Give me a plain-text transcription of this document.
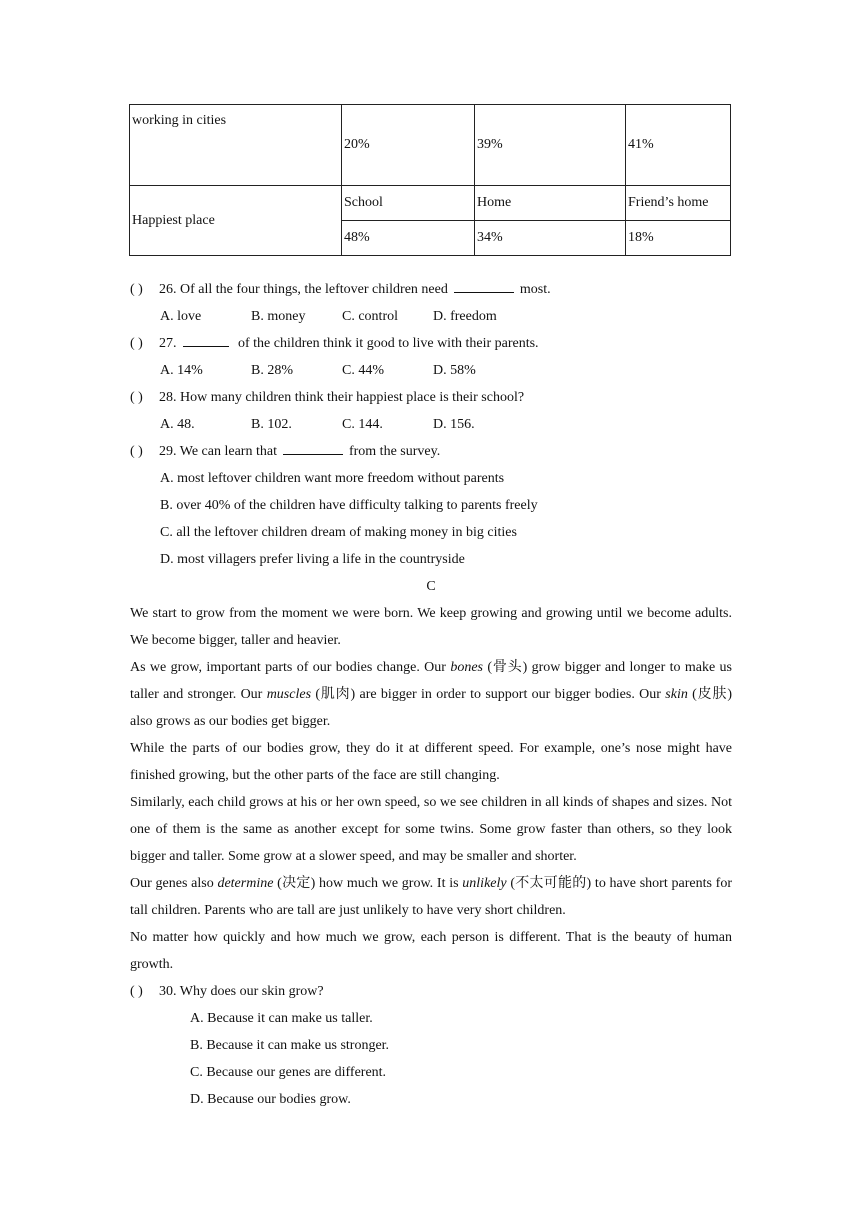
working in cities	20%	39%	41%
Happiest place	School	Home	Friend’s home
	48%	34%	18%
( ) 26. Of all the four things, the leftover children need	most.
A. love	B. money	C. control	D. freedom
( ) 27.	of the children think it good to live with their parents.
A. 14%	B. 28%	C. 44%	D. 58%
( ) 28. How many children think their happiest place is their school?
A. 48.	B. 102.	C. 144.	D. 156.
( ) 29. We can learn that	from the survey.
A. most leftover children want more freedom without parents
B. over 40% of the children have difficulty talking to parents freely
C. all the leftover children dream of making money in big cities
D. most villagers prefer living a life in the countryside
C
We start to grow from the moment we were born. We keep growing and growing until we become adults. We become bigger, taller and heavier.
As we grow, important parts of our bodies change. Our bones (骨头) grow bigger and longer to make us taller and stronger. Our muscles (肌肉) are bigger in order to support our bigger bodies. Our skin (皮肤) also grows as our bodies get bigger.
While the parts of our bodies grow, they do it at different speed. For example, one’s nose might have finished growing, but the other parts of the face are still changing.
Similarly, each child grows at his or her own speed, so we see children in all kinds of shapes and sizes. Not one of them is the same as another except for some twins. Some grow faster than others, so they look bigger and taller. Some grow at a slower speed, and may be smaller and shorter.
Our genes also determine (决定) how much we grow. It is unlikely (不太可能的) to have short parents for tall children. Parents who are tall are just unlikely to have very short children.
No matter how quickly and how much we grow, each person is different. That is the beauty of human growth.
( ) 30. Why does our skin grow?
A. Because it can make us taller.
B. Because it can make us stronger.
C. Because our genes are different.
D. Because our bodies grow.
